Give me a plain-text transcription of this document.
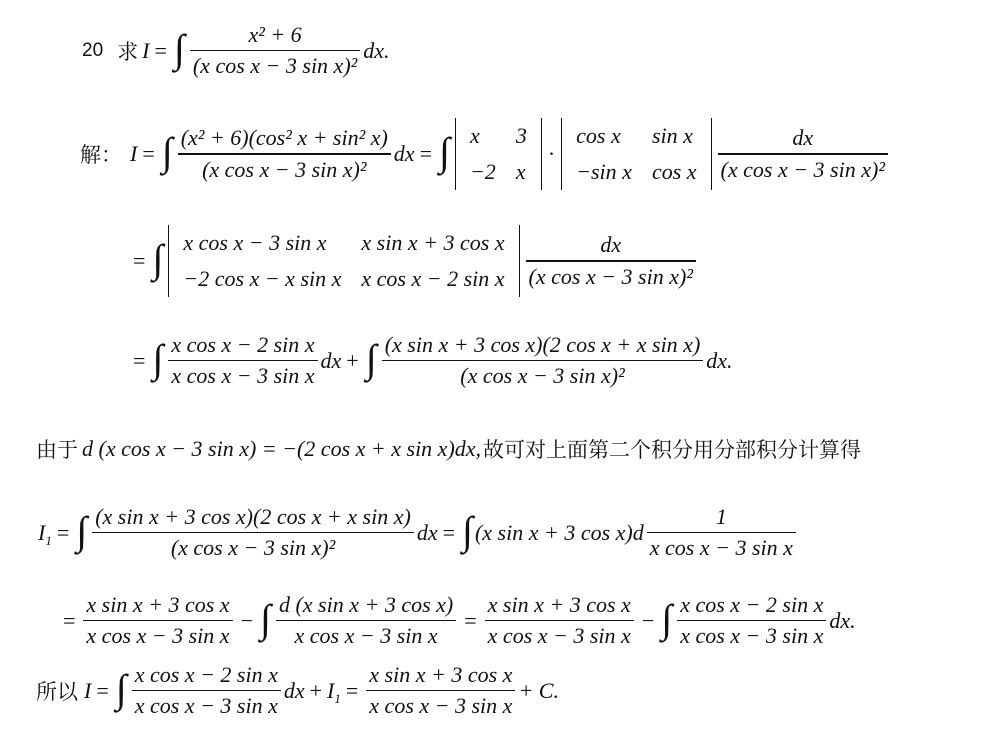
20 求 I = ∫ $\frac{\text{x² + 6}}{\text{(x cos x − 3 sin x)²}}$ dx.
解： I = ∫ $\frac{\text{(x² + 6)(cos² x + sin² x)}}{\text{(x cos x − 3 sin x)²}}$ dx = ∫ x	3
−2	x
·
cos x	sin x
−sin x	cos x $\frac{dx}{\text{(x cos x − 3 sin x)²}}$
= ∫ x cos x − 3 sin x	x sin x + 3 cos x
−2 cos x − x sin x	x cos x − 2 sin x $\frac{dx}{\text{(x cos x − 3 sin x)²}}$
= ∫ $\frac{\text{x cos x − 2 sin x}}{\text{x cos x − 3 sin x}}$ dx + ∫ $\frac{\text{(x sin x + 3 cos x)(2 cos x + x sin x)}}{\text{(x cos x − 3 sin x)²}}$ dx.
由于 d (x cos x − 3 sin x) = −(2 cos x + x sin x)dx, 故可对上面第二个积分用分部积分计算得
$I_1$ = ∫ $\frac{\text{(x sin x + 3 cos x)(2 cos x + x sin x)}}{\text{(x cos x − 3 sin x)²}}$ dx = ∫ (x sin x + 3 $\cos x)d \frac{1}{\text{x cos x − 3 sin x}}$
= $\frac{\text{x sin x + 3 cos x}}{\text{x cos x − 3 sin x}}$ − ∫ $\frac{\text{d (x sin x + 3 cos x)}}{\text{x cos x − 3 sin x}} = \frac{\text{x sin x + 3 cos x}}{\text{x cos x − 3 sin x}}$ − ∫ $\frac{\text{x cos x − 2 sin x}}{\text{x cos x − 3 sin x}}$ dx.
所以 I = ∫ $\frac{\text{x cos x − 2 sin x}}{\text{x cos x − 3 sin x}}$ dx + $I_1 = \frac{\text{x sin x + 3 cos x}}{\text{x cos x − 3 sin x}} + C$.
